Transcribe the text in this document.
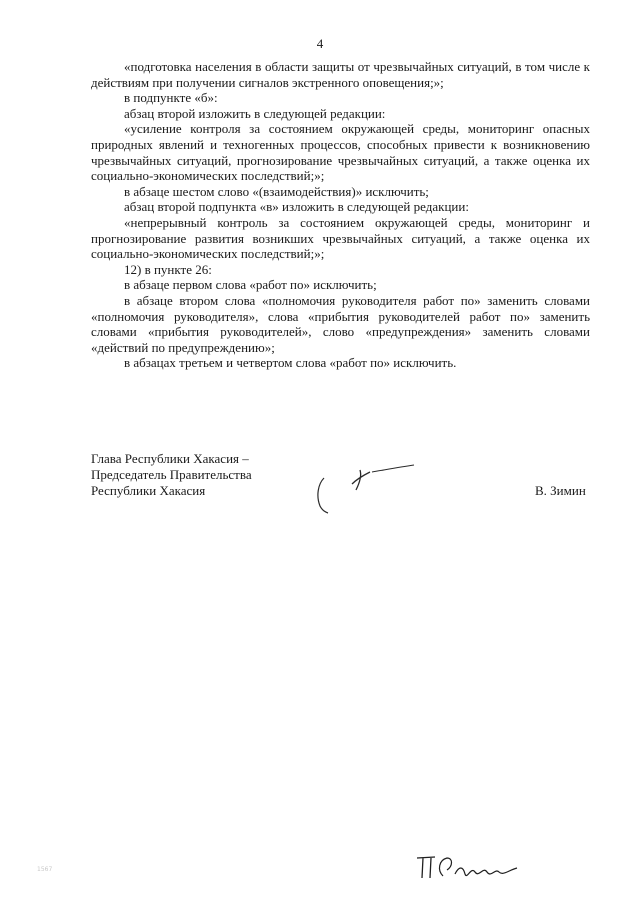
4

«подготовка населения в области защиты от чрезвычайных ситуаций, в том числе к действиям при получении сигналов экстренного оповещения;»;

в подпункте «б»:

абзац второй изложить в следующей редакции:

«усиление контроля за состоянием окружающей среды, мониторинг опасных природных явлений и техногенных процессов, способных привести к возникновению чрезвычайных ситуаций, прогнозирование чрезвычайных ситуаций, а также оценка их социально-экономических последствий;»;

в абзаце шестом слово «(взаимодействия)» исключить;

абзац второй подпункта «в» изложить в следующей редакции:

«непрерывный контроль за состоянием окружающей среды, мониторинг и прогнозирование развития возникших чрезвычайных ситуаций, а также оценка их социально-экономических последствий;»;

12) в пункте 26:

в абзаце первом слова «работ по» исключить;

в абзаце втором слова «полномочия руководителя работ по» заменить словами «полномочия руководителя», слова «прибытия руководителей работ по» заменить словами «прибытия руководителей», слово «предупреждения» заменить словами «действий по предупреждению»;

в абзацах третьем и четвертом слова «работ по» исключить.

Глава Республики Хакасия –
Председатель Правительства
Республики Хакасия	В. Зимин
1567
